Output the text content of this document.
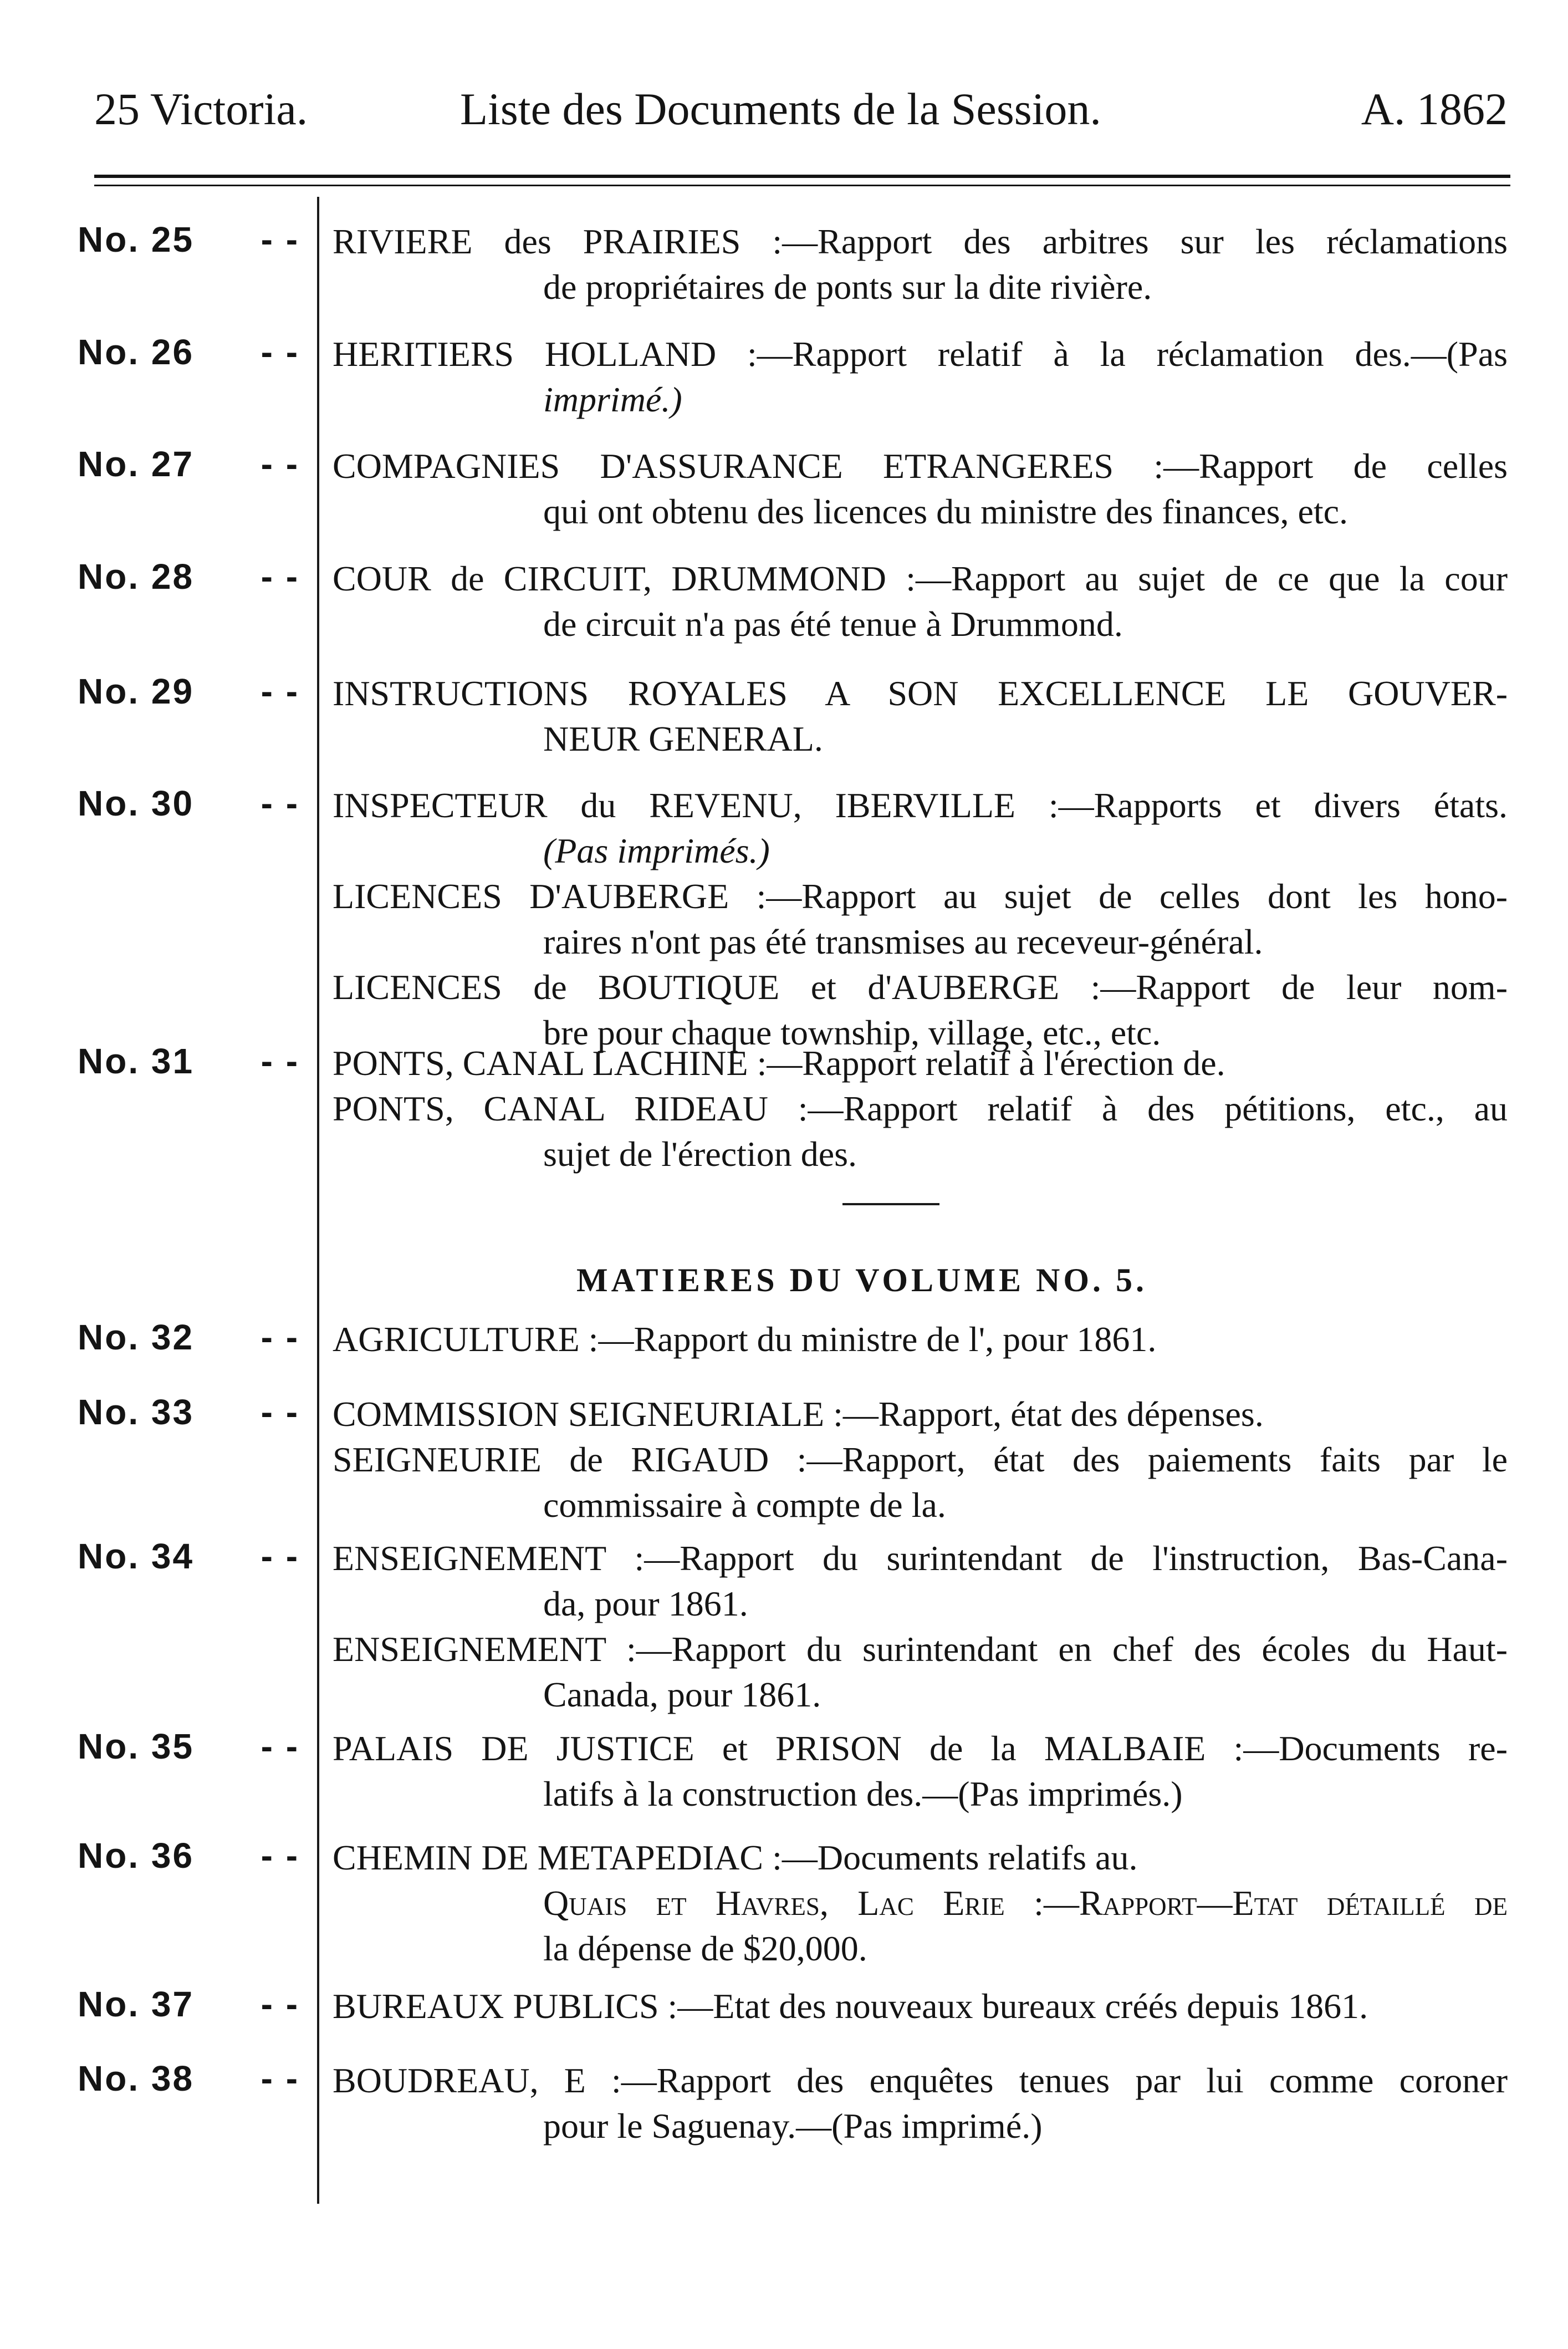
25 Victoria.	Liste des Documents de la Session.	A. 1862
No. 25 - - RIVIERE des PRAIRIES :—Rapport des arbitres sur les réclamations
de propriétaires de ponts sur la dite rivière.
No. 26 - - HERITIERS HOLLAND :—Rapport relatif à la réclamation des.—(Pas
imprimé.)
No. 27 - - COMPAGNIES D'ASSURANCE ETRANGERES :—Rapport de celles
qui ont obtenu des licences du ministre des finances, etc.
No. 28 - - COUR de CIRCUIT, DRUMMOND :—Rapport au sujet de ce que la cour
de circuit n'a pas été tenue à Drummond.
No. 29 - - INSTRUCTIONS ROYALES A SON EXCELLENCE LE GOUVER-
NEUR GENERAL.
No. 30 - - INSPECTEUR du REVENU, IBERVILLE :—Rapports et divers états.
(Pas imprimés.)
LICENCES D'AUBERGE :—Rapport au sujet de celles dont les hono-
raires n'ont pas été transmises au receveur-général.
LICENCES de BOUTIQUE et d'AUBERGE :—Rapport de leur nom-
bre pour chaque township, village, etc., etc.
No. 31 - - PONTS, CANAL LACHINE :—Rapport relatif à l'érection de.
PONTS, CANAL RIDEAU :—Rapport relatif à des pétitions, etc., au
sujet de l'érection des.
MATIERES DU VOLUME NO. 5.
No. 32 - - AGRICULTURE :—Rapport du ministre de l', pour 1861.
No. 33 - - COMMISSION SEIGNEURIALE :—Rapport, état des dépenses.
SEIGNEURIE de RIGAUD :—Rapport, état des paiements faits par le
commissaire à compte de la.
No. 34 - - ENSEIGNEMENT :—Rapport du surintendant de l'instruction, Bas-Cana-
da, pour 1861.
ENSEIGNEMENT :—Rapport du surintendant en chef des écoles du Haut-
Canada, pour 1861.
No. 35 - - PALAIS DE JUSTICE et PRISON de la MALBAIE :—Documents re-
latifs à la construction des.—(Pas imprimés.)
No. 36 - - CHEMIN DE METAPEDIAC :—Documents relatifs au.
Quais et Havres, Lac Erie :—Rapport—Etat détaillé de
la dépense de $20,000.
No. 37 - - BUREAUX PUBLICS :—Etat des nouveaux bureaux créés depuis 1861.
No. 38 - - BOUDREAU, E :—Rapport des enquêtes tenues par lui comme coroner
pour le Saguenay.—(Pas imprimé.)
